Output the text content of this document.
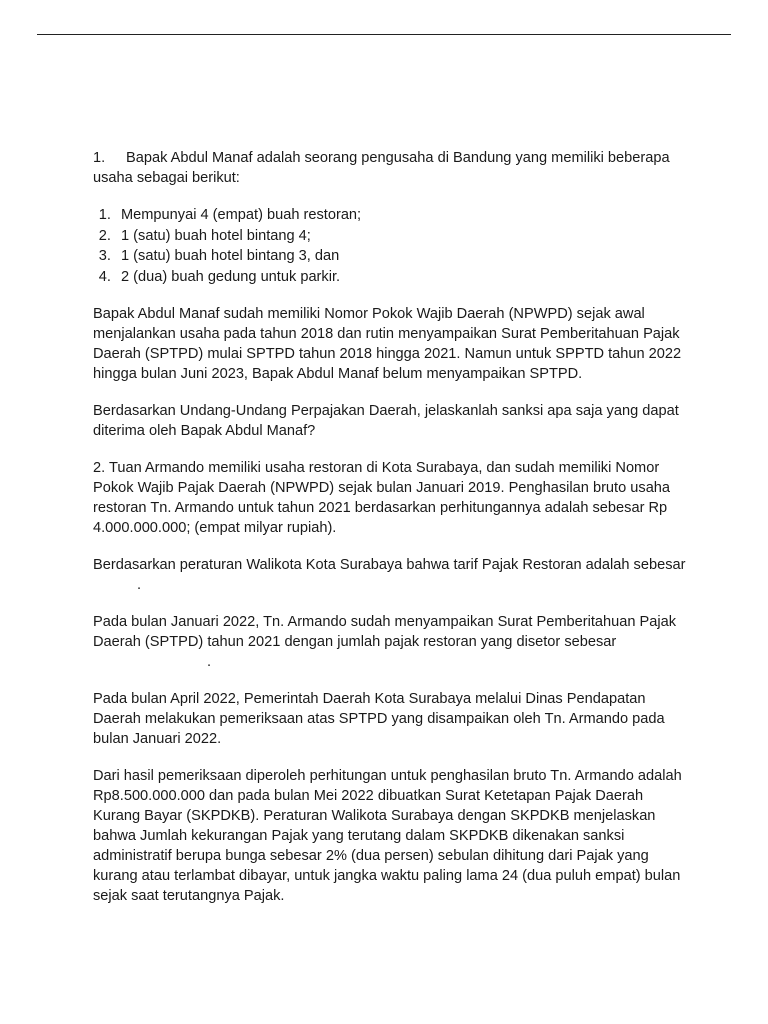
1. Bapak Abdul Manaf adalah seorang pengusaha di Bandung yang memiliki beberapa usaha sebagai berikut:

1. Mempunyai 4 (empat) buah restoran;
2. 1 (satu) buah hotel bintang 4;
3. 1 (satu) buah hotel bintang 3, dan
4. 2 (dua) buah gedung untuk parkir.

Bapak Abdul Manaf sudah memiliki Nomor Pokok Wajib Daerah (NPWPD) sejak awal menjalankan usaha pada tahun 2018 dan rutin menyampaikan Surat Pemberitahuan Pajak Daerah (SPTPD) mulai SPTPD tahun 2018 hingga 2021. Namun untuk SPPTD tahun 2022 hingga bulan Juni 2023, Bapak Abdul Manaf belum menyampaikan SPTPD.

Berdasarkan Undang-Undang Perpajakan Daerah, jelaskanlah sanksi apa saja yang dapat diterima oleh Bapak Abdul Manaf?

2. Tuan Armando memiliki usaha restoran di Kota Surabaya, dan sudah memiliki Nomor Pokok Wajib Pajak Daerah (NPWPD) sejak bulan Januari 2019. Penghasilan bruto usaha restoran Tn. Armando untuk tahun 2021 berdasarkan perhitungannya adalah sebesar Rp 4.000.000.000; (empat milyar rupiah).

Berdasarkan peraturan Walikota Kota Surabaya bahwa tarif Pajak Restoran adalah sebesar .

Pada bulan Januari 2022, Tn. Armando sudah menyampaikan Surat Pemberitahuan Pajak Daerah (SPTPD) tahun 2021 dengan jumlah pajak restoran yang disetor sebesar .

Pada bulan April 2022, Pemerintah Daerah Kota Surabaya melalui Dinas Pendapatan Daerah melakukan pemeriksaan atas SPTPD yang disampaikan oleh Tn. Armando pada bulan Januari 2022.

Dari hasil pemeriksaan diperoleh perhitungan untuk penghasilan bruto Tn. Armando adalah Rp8.500.000.000 dan pada bulan Mei 2022 dibuatkan Surat Ketetapan Pajak Daerah Kurang Bayar (SKPDKB). Peraturan Walikota Surabaya dengan SKPDKB menjelaskan bahwa Jumlah kekurangan Pajak yang terutang dalam SKPDKB dikenakan sanksi administratif berupa bunga sebesar 2% (dua persen) sebulan dihitung dari Pajak yang kurang atau terlambat dibayar, untuk jangka waktu paling lama 24 (dua puluh empat) bulan sejak saat terutangnya Pajak.
